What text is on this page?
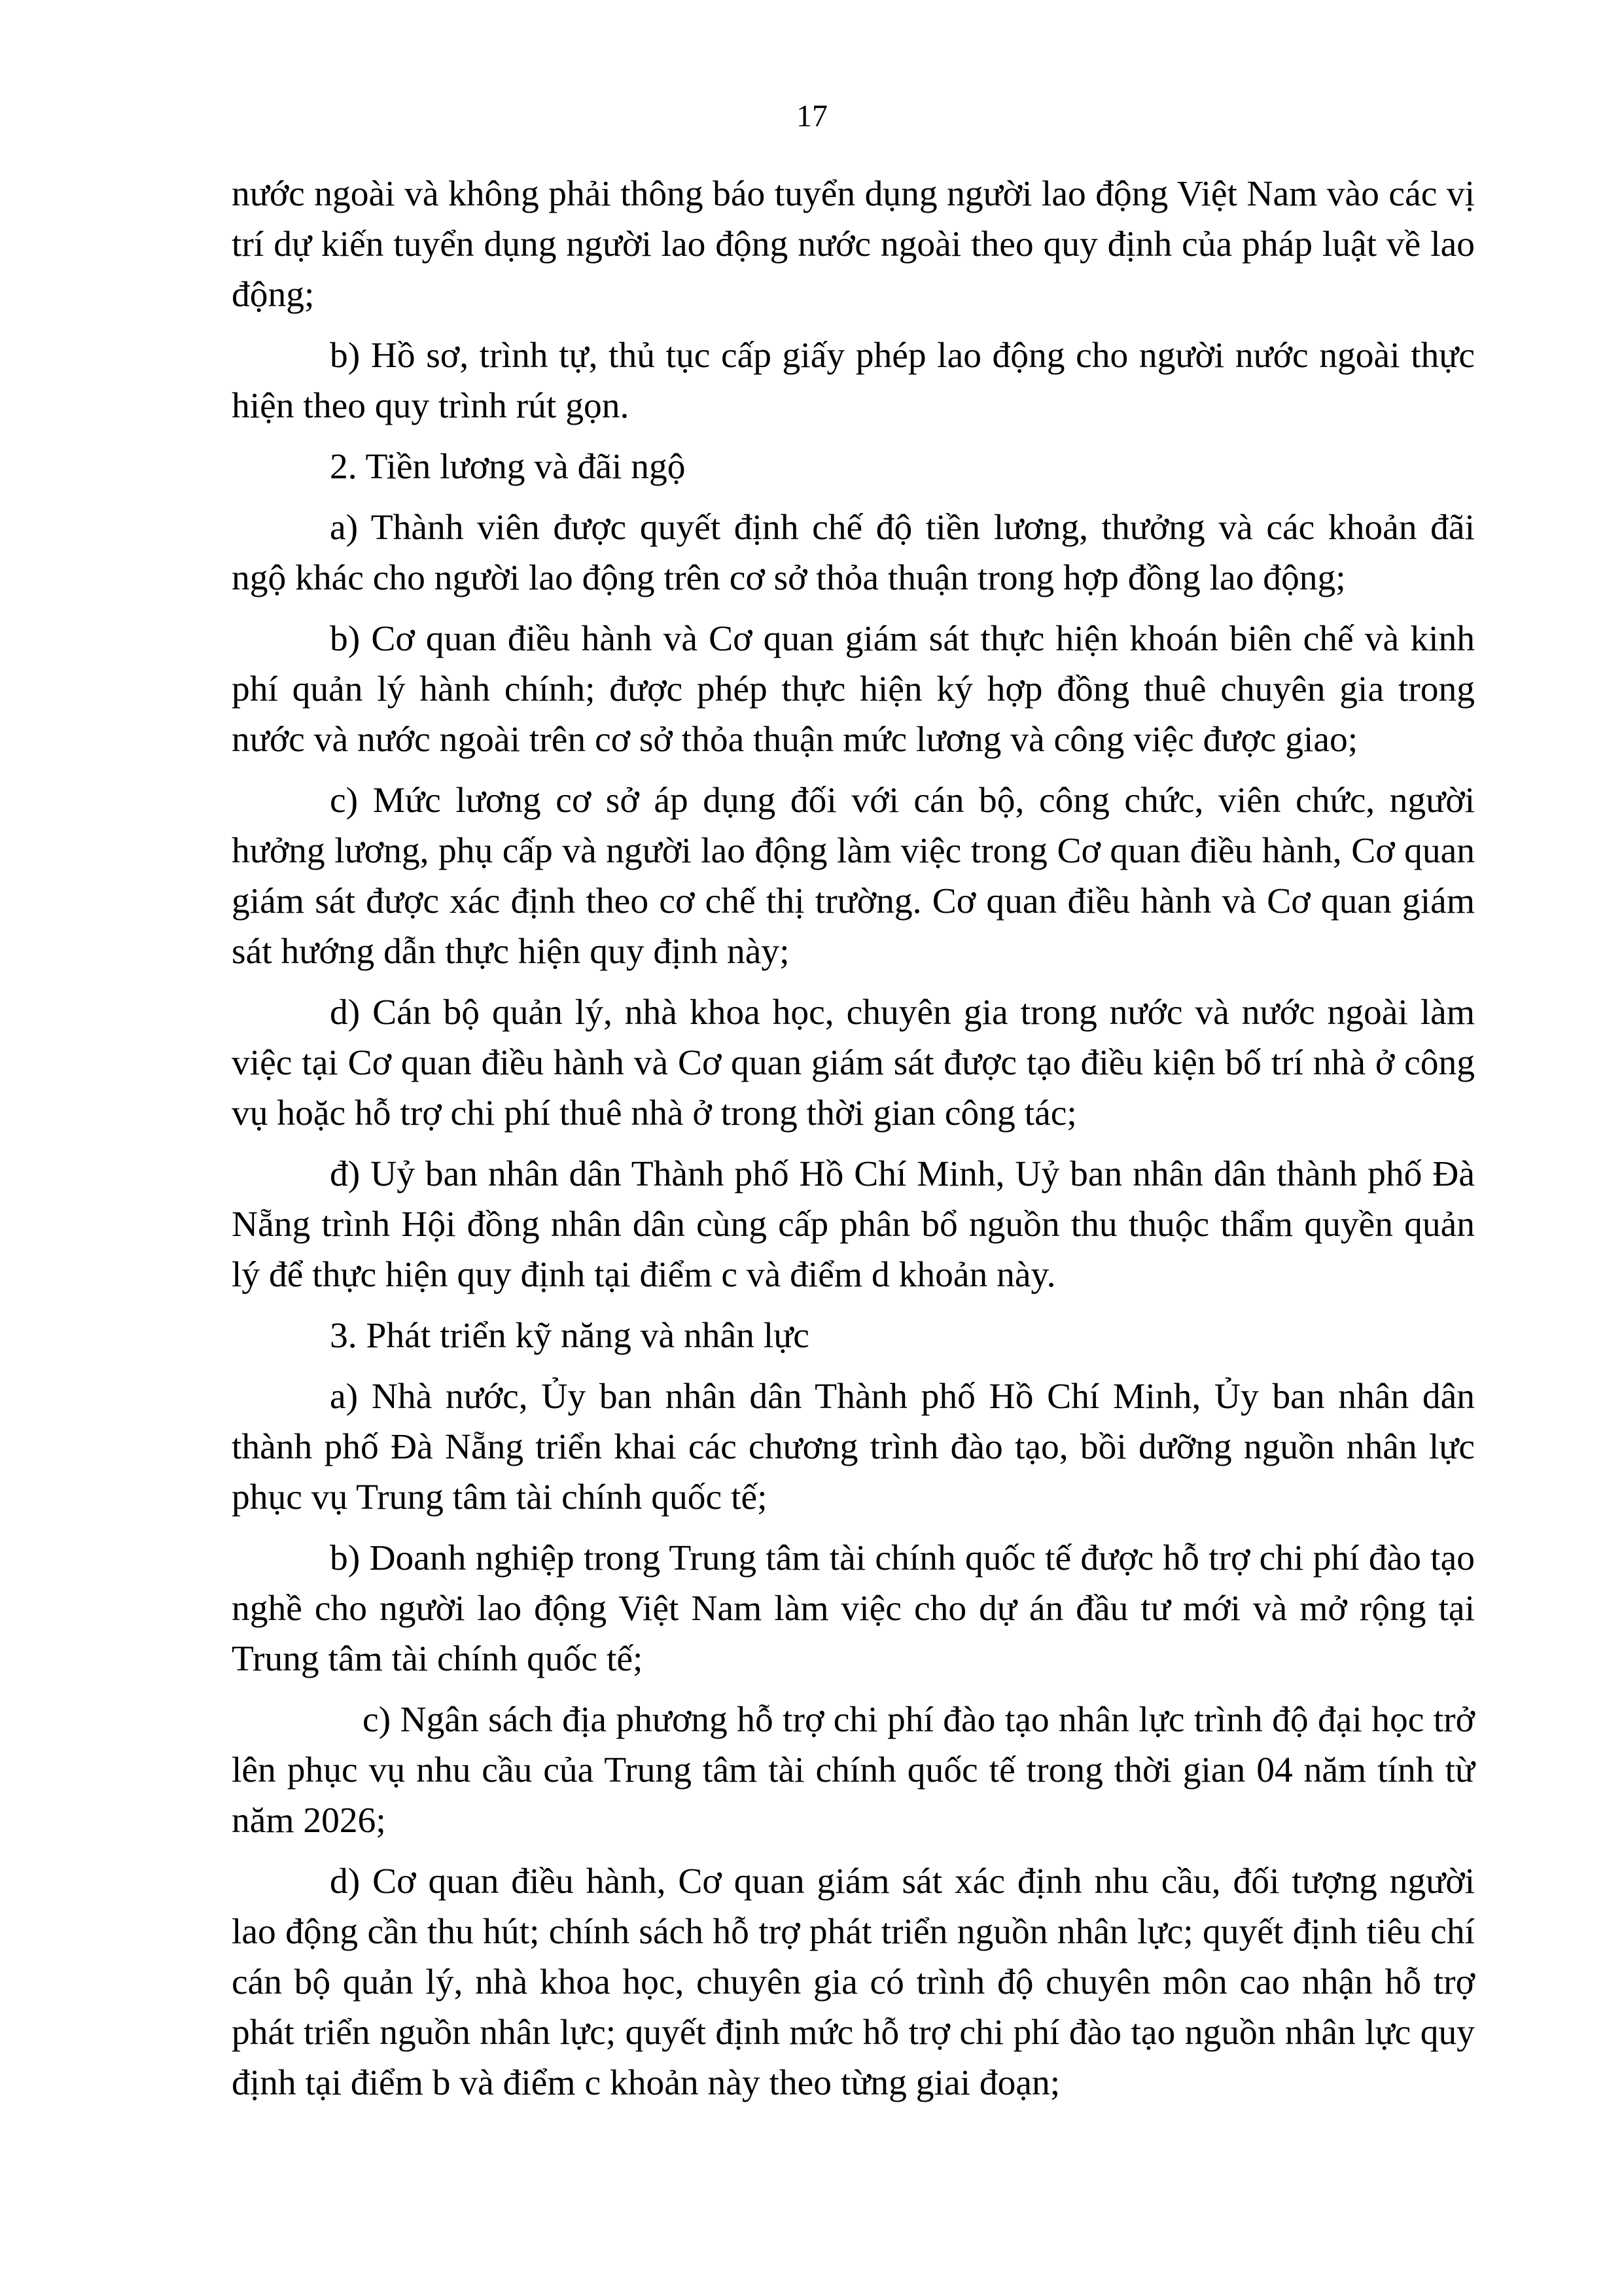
17

nước ngoài và không phải thông báo tuyển dụng người lao động Việt Nam vào các vị trí dự kiến tuyển dụng người lao động nước ngoài theo quy định của pháp luật về lao động;

b) Hồ sơ, trình tự, thủ tục cấp giấy phép lao động cho người nước ngoài thực hiện theo quy trình rút gọn.

2. Tiền lương và đãi ngộ

a) Thành viên được quyết định chế độ tiền lương, thưởng và các khoản đãi ngộ khác cho người lao động trên cơ sở thỏa thuận trong hợp đồng lao động;

b) Cơ quan điều hành và Cơ quan giám sát thực hiện khoán biên chế và kinh phí quản lý hành chính; được phép thực hiện ký hợp đồng thuê chuyên gia trong nước và nước ngoài trên cơ sở thỏa thuận mức lương và công việc được giao;

c) Mức lương cơ sở áp dụng đối với cán bộ, công chức, viên chức, người hưởng lương, phụ cấp và người lao động làm việc trong Cơ quan điều hành, Cơ quan giám sát được xác định theo cơ chế thị trường. Cơ quan điều hành và Cơ quan giám sát hướng dẫn thực hiện quy định này;

d) Cán bộ quản lý, nhà khoa học, chuyên gia trong nước và nước ngoài làm việc tại Cơ quan điều hành và Cơ quan giám sát được tạo điều kiện bố trí nhà ở công vụ hoặc hỗ trợ chi phí thuê nhà ở trong thời gian công tác;

đ) Uỷ ban nhân dân Thành phố Hồ Chí Minh, Uỷ ban nhân dân thành phố Đà Nẵng trình Hội đồng nhân dân cùng cấp phân bổ nguồn thu thuộc thẩm quyền quản lý để thực hiện quy định tại điểm c và điểm d khoản này.

3. Phát triển kỹ năng và nhân lực

a) Nhà nước, Ủy ban nhân dân Thành phố Hồ Chí Minh, Ủy ban nhân dân thành phố Đà Nẵng triển khai các chương trình đào tạo, bồi dưỡng nguồn nhân lực phục vụ Trung tâm tài chính quốc tế;

b) Doanh nghiệp trong Trung tâm tài chính quốc tế được hỗ trợ chi phí đào tạo nghề cho người lao động Việt Nam làm việc cho dự án đầu tư mới và mở rộng tại Trung tâm tài chính quốc tế;

c) Ngân sách địa phương hỗ trợ chi phí đào tạo nhân lực trình độ đại học trở lên phục vụ nhu cầu của Trung tâm tài chính quốc tế trong thời gian 04 năm tính từ năm 2026;

d) Cơ quan điều hành, Cơ quan giám sát xác định nhu cầu, đối tượng người lao động cần thu hút; chính sách hỗ trợ phát triển nguồn nhân lực; quyết định tiêu chí cán bộ quản lý, nhà khoa học, chuyên gia có trình độ chuyên môn cao nhận hỗ trợ phát triển nguồn nhân lực; quyết định mức hỗ trợ chi phí đào tạo nguồn nhân lực quy định tại điểm b và điểm c khoản này theo từng giai đoạn;
